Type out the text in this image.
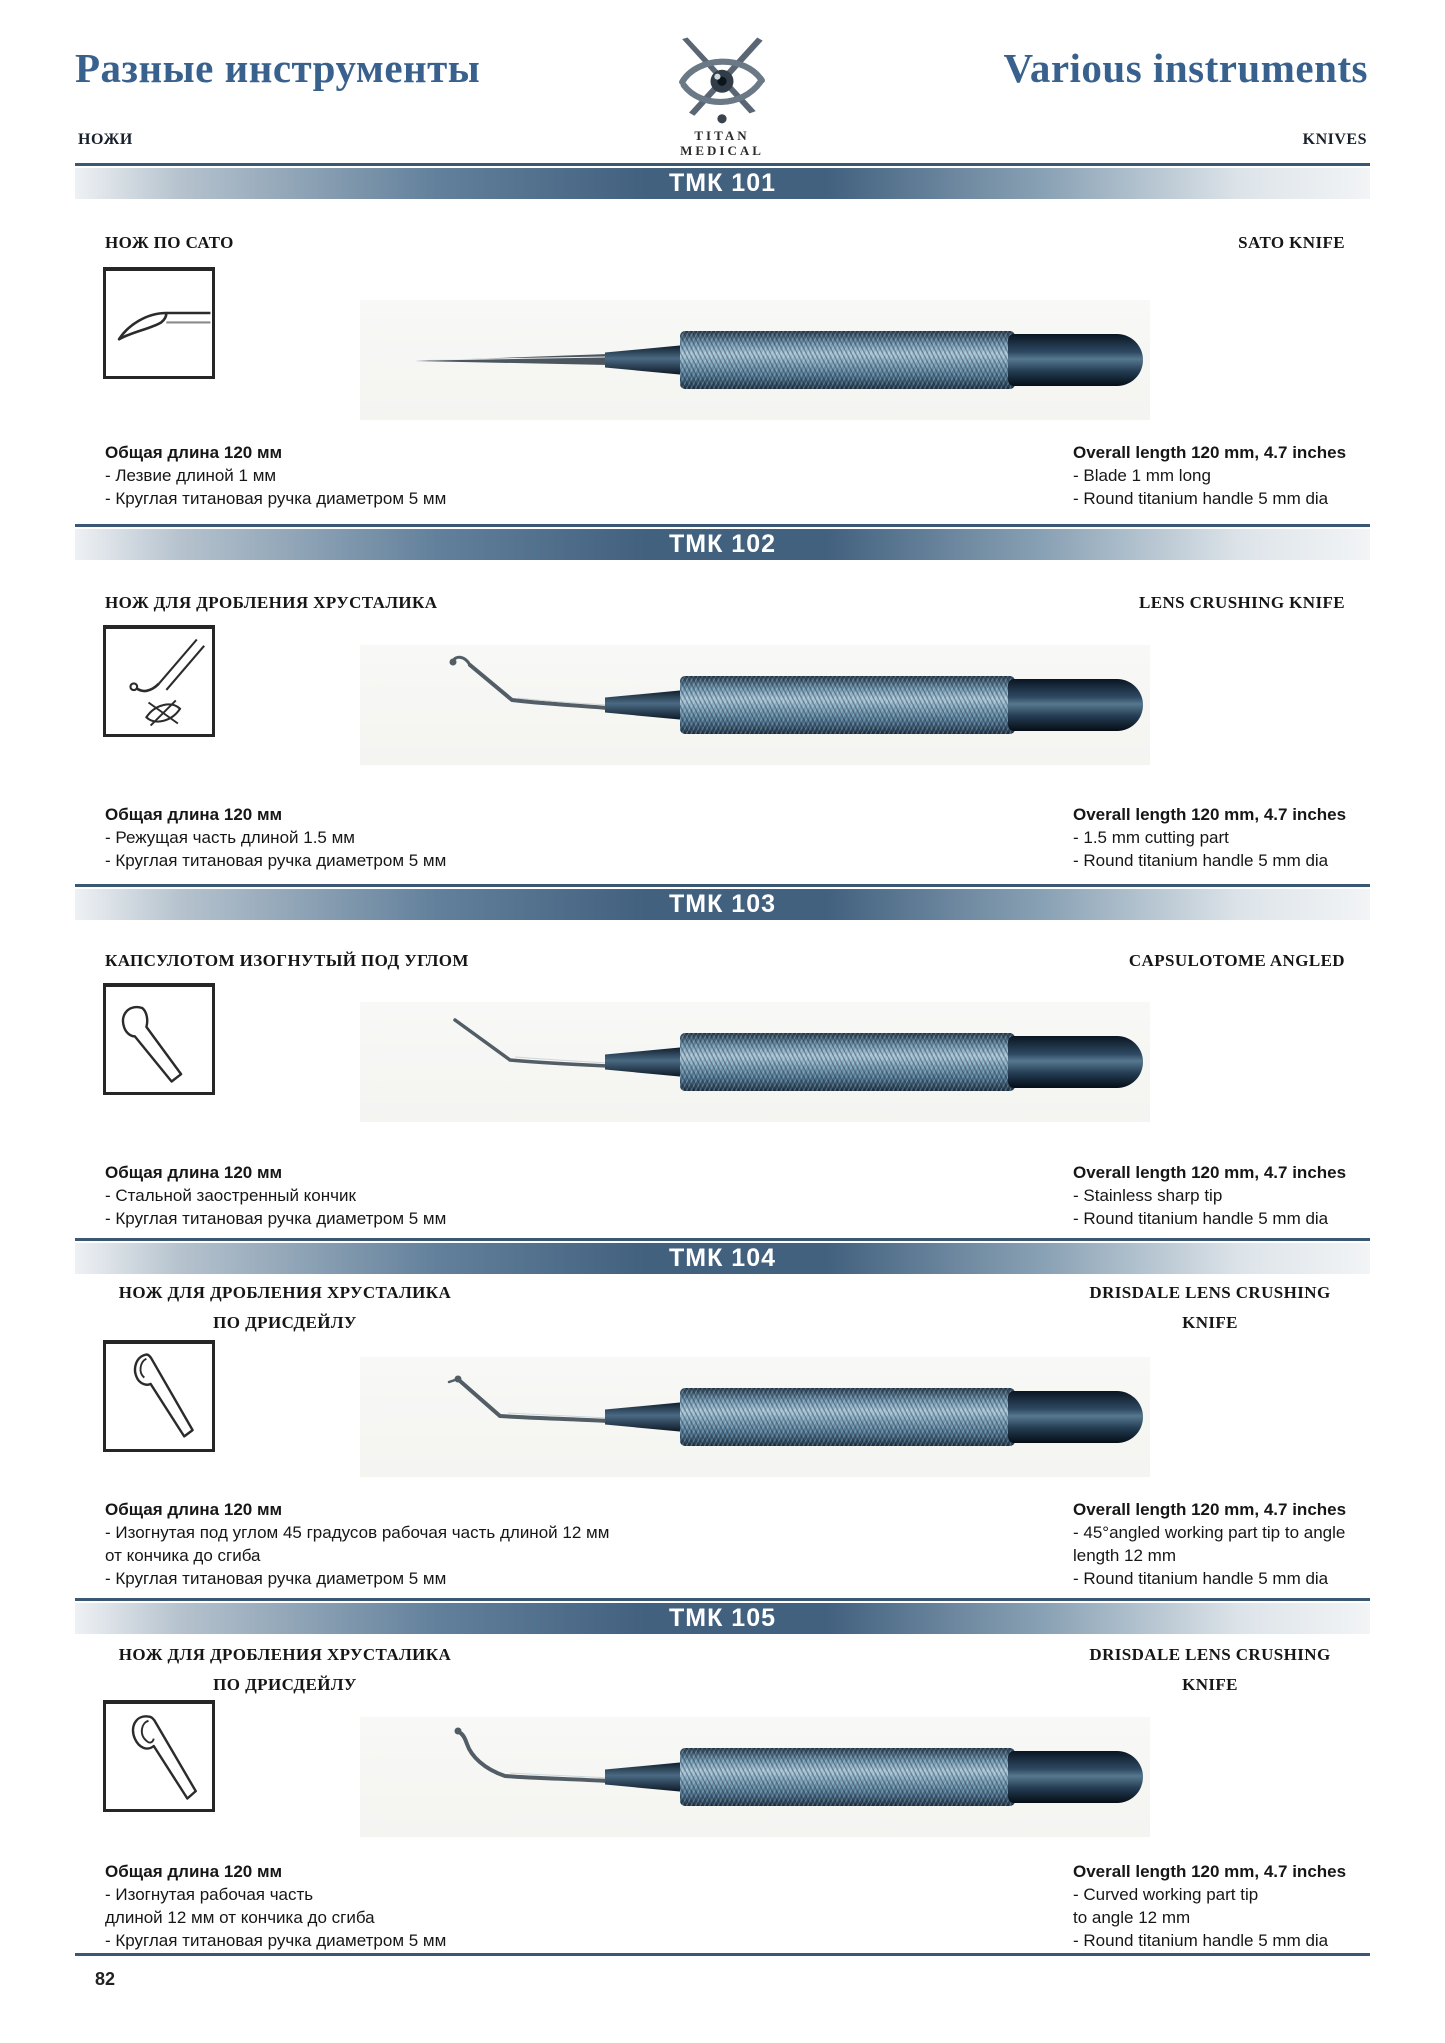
Разные инструменты	Various instruments
TITAN
MEDICAL
НОЖИ	KNIVES
ТМК 101
НОЖ ПО САТО	SATO KNIFE
Общая длина 120 мм
- Лезвие длиной 1 мм
- Круглая титановая ручка диаметром 5 мм
Overall length 120 mm, 4.7 inches
- Blade 1 mm long
- Round titanium handle 5 mm dia
ТМК 102
НОЖ ДЛЯ ДРОБЛЕНИЯ ХРУСТАЛИКА	LENS CRUSHING KNIFE
Общая длина 120 мм
- Режущая часть длиной 1.5 мм
- Круглая титановая ручка диаметром 5 мм
Overall length 120 mm, 4.7 inches
- 1.5 mm cutting part
- Round titanium handle 5 mm dia
ТМК 103
КАПСУЛОТОМ ИЗОГНУТЫЙ ПОД УГЛОМ	CAPSULOTOME ANGLED
Общая длина 120 мм
- Стальной заостренный кончик
- Круглая титановая ручка диаметром 5 мм
Overall length 120 mm, 4.7 inches
- Stainless sharp tip
- Round titanium handle 5 mm dia
ТМК 104
НОЖ ДЛЯ ДРОБЛЕНИЯ ХРУСТАЛИКА
ПО ДРИСДЕЙЛУ
DRISDALE LENS CRUSHING
KNIFE
Общая длина 120 мм
- Изогнутая под углом 45 градусов рабочая часть длиной 12 мм
от кончика до сгиба
- Круглая титановая ручка диаметром 5 мм
Overall length 120 mm, 4.7 inches
- 45°angled working part tip to angle
length 12 mm
- Round titanium handle 5 mm dia
ТМК 105
НОЖ ДЛЯ ДРОБЛЕНИЯ ХРУСТАЛИКА
ПО ДРИСДЕЙЛУ
DRISDALE LENS CRUSHING
KNIFE
Общая длина 120 мм
- Изогнутая рабочая часть
длиной 12 мм от кончика до сгиба
- Круглая титановая ручка диаметром 5 мм
Overall length 120 mm, 4.7 inches
- Curved working part tip
to angle 12 mm
- Round titanium handle 5 mm dia
82
